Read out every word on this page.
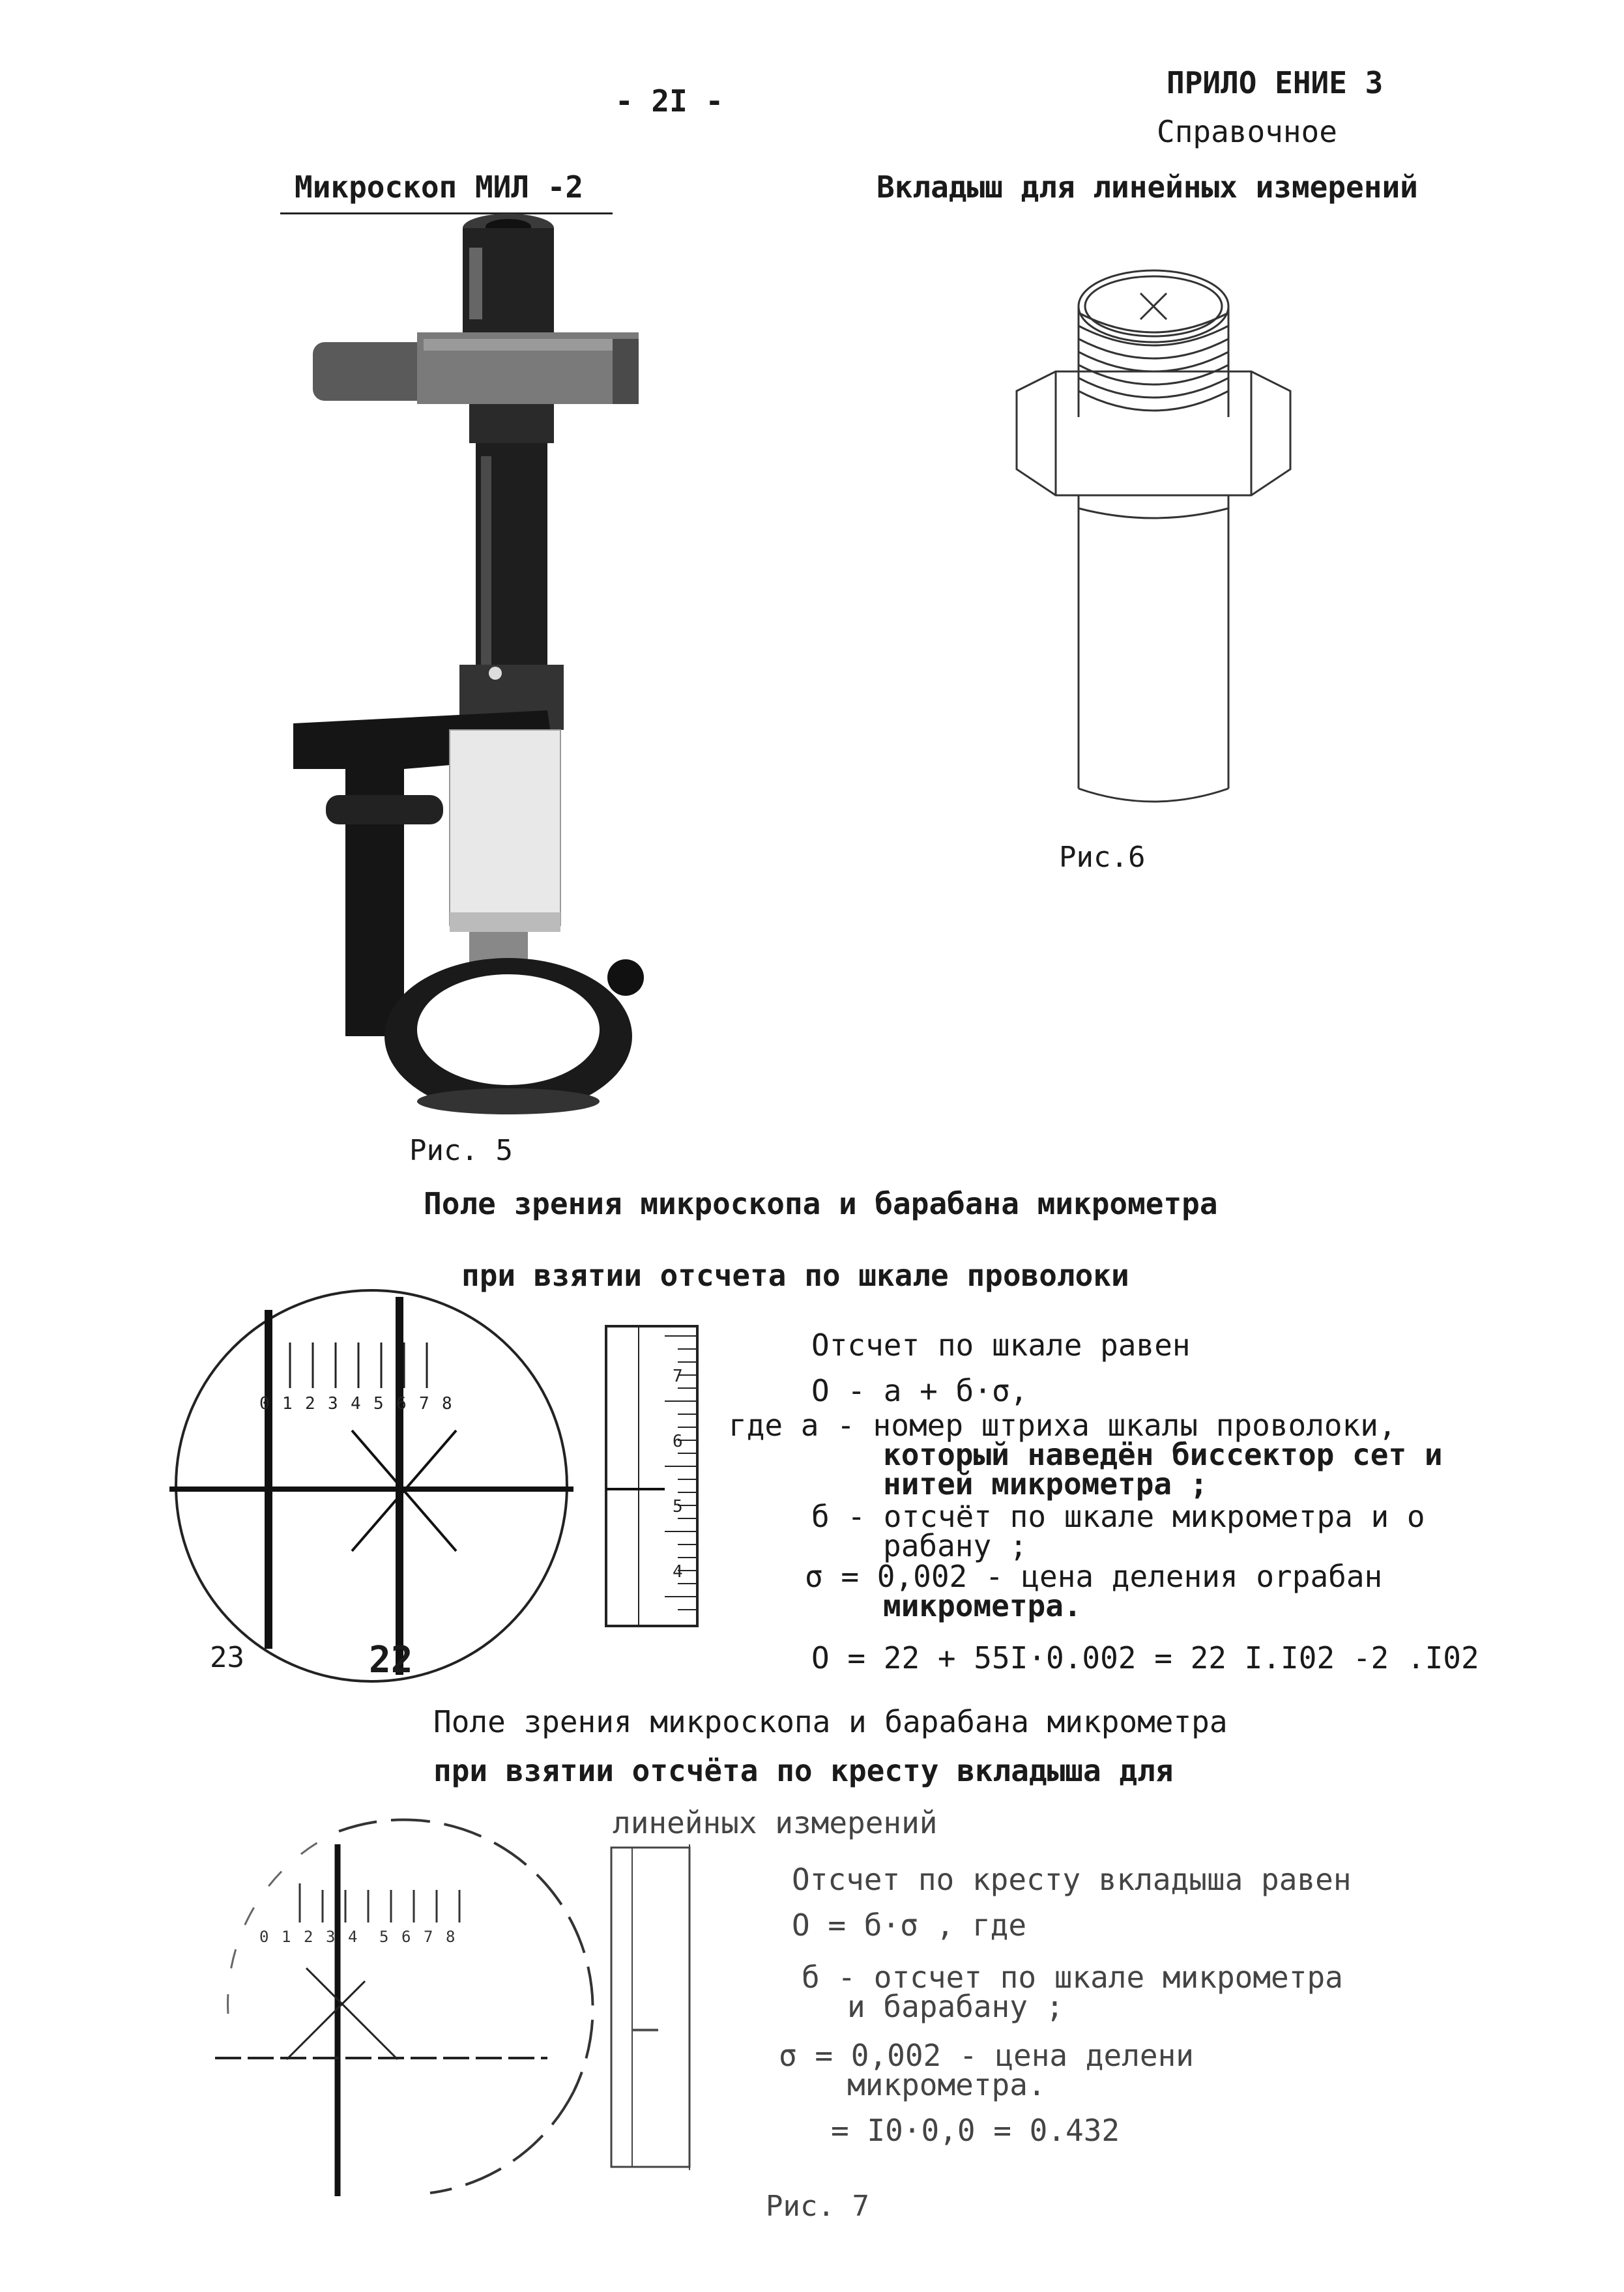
- 2I -
ПРИЛО ЕНИЕ 3
Справочное
Микроскоп МИЛ -2
Рис. 5
Вкладыш для линейных измерений
Рис.6
Поле зрения микроскопа и барабана микрометра
при взятии отсчета по шкале проволоки
0 1 2 3 4 5 6 7 8
23	22
7
6
5
4
Отсчет по шкале равен
О - а + б·σ,
где а - номер штриха шкалы проволоки,
который наведён биссектор сет и
нитей микрометра ;
б - отсчёт по шкале микрометра и о
рабану ;
σ = 0,002 - цена деления оrрабан
микрометра.
О = 22 + 55I·0.002 = 22 I.I02 -2 .I02
Поле зрения микроскопа и барабана микрометра
при взятии отсчёта по кресту вкладыша для
линейных измерений
0 1 2 3 4 5 6 7 8
Отсчет по кресту вкладыша равен
О = б·σ , где
б - отсчет по шкале микрометра
и барабану ;
σ = 0,002 - цена делени
микрометра.
= I0·0,0 = 0.432
Рис. 7
